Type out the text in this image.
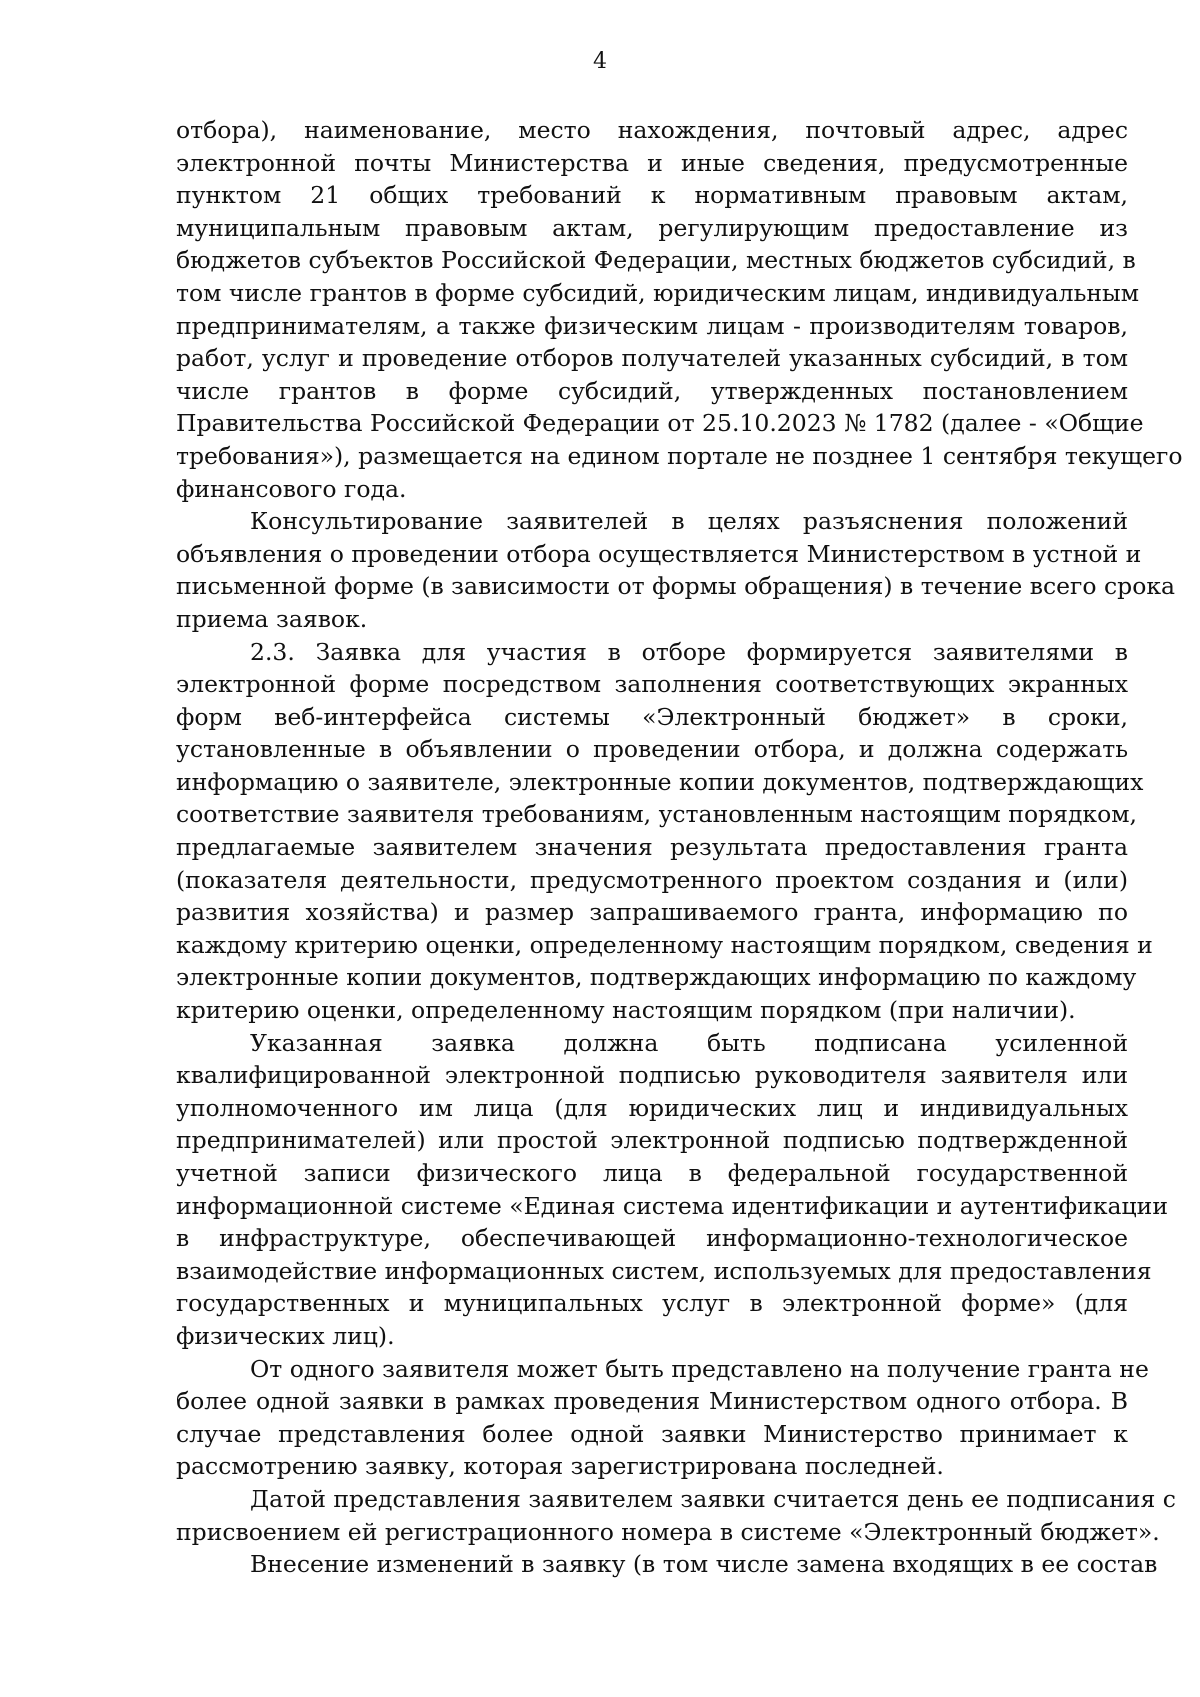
4
отбора), наименование, место нахождения, почтовый адрес, адрес
электронной почты Министерства и иные сведения, предусмотренные
пунктом 21 общих требований к нормативным правовым актам,
муниципальным правовым актам, регулирующим предоставление из
бюджетов субъектов Российской Федерации, местных бюджетов субсидий, в
том числе грантов в форме субсидий, юридическим лицам, индивидуальным
предпринимателям, а также физическим лицам - производителям товаров,
работ, услуг и проведение отборов получателей указанных субсидий, в том
числе грантов в форме субсидий, утвержденных постановлением
Правительства Российской Федерации от 25.10.2023 № 1782 (далее - «Общие
требования»), размещается на едином портале не позднее 1 сентября текущего
финансового года.
Консультирование заявителей в целях разъяснения положений
объявления о проведении отбора осуществляется Министерством в устной и
письменной форме (в зависимости от формы обращения) в течение всего срока
приема заявок.
2.3. Заявка для участия в отборе формируется заявителями в
электронной форме посредством заполнения соответствующих экранных
форм веб-интерфейса системы «Электронный бюджет» в сроки,
установленные в объявлении о проведении отбора, и должна содержать
информацию о заявителе, электронные копии документов, подтверждающих
соответствие заявителя требованиям, установленным настоящим порядком,
предлагаемые заявителем значения результата предоставления гранта
(показателя деятельности, предусмотренного проектом создания и (или)
развития хозяйства) и размер запрашиваемого гранта, информацию по
каждому критерию оценки, определенному настоящим порядком, сведения и
электронные копии документов, подтверждающих информацию по каждому
критерию оценки, определенному настоящим порядком (при наличии).
Указанная заявка должна быть подписана усиленной
квалифицированной электронной подписью руководителя заявителя или
уполномоченного им лица (для юридических лиц и индивидуальных
предпринимателей) или простой электронной подписью подтвержденной
учетной записи физического лица в федеральной государственной
информационной системе «Единая система идентификации и аутентификации
в инфраструктуре, обеспечивающей информационно-технологическое
взаимодействие информационных систем, используемых для предоставления
государственных и муниципальных услуг в электронной форме» (для
физических лиц).
От одного заявителя может быть представлено на получение гранта не
более одной заявки в рамках проведения Министерством одного отбора. В
случае представления более одной заявки Министерство принимает к
рассмотрению заявку, которая зарегистрирована последней.
Датой представления заявителем заявки считается день ее подписания с
присвоением ей регистрационного номера в системе «Электронный бюджет».
Внесение изменений в заявку (в том числе замена входящих в ее состав
